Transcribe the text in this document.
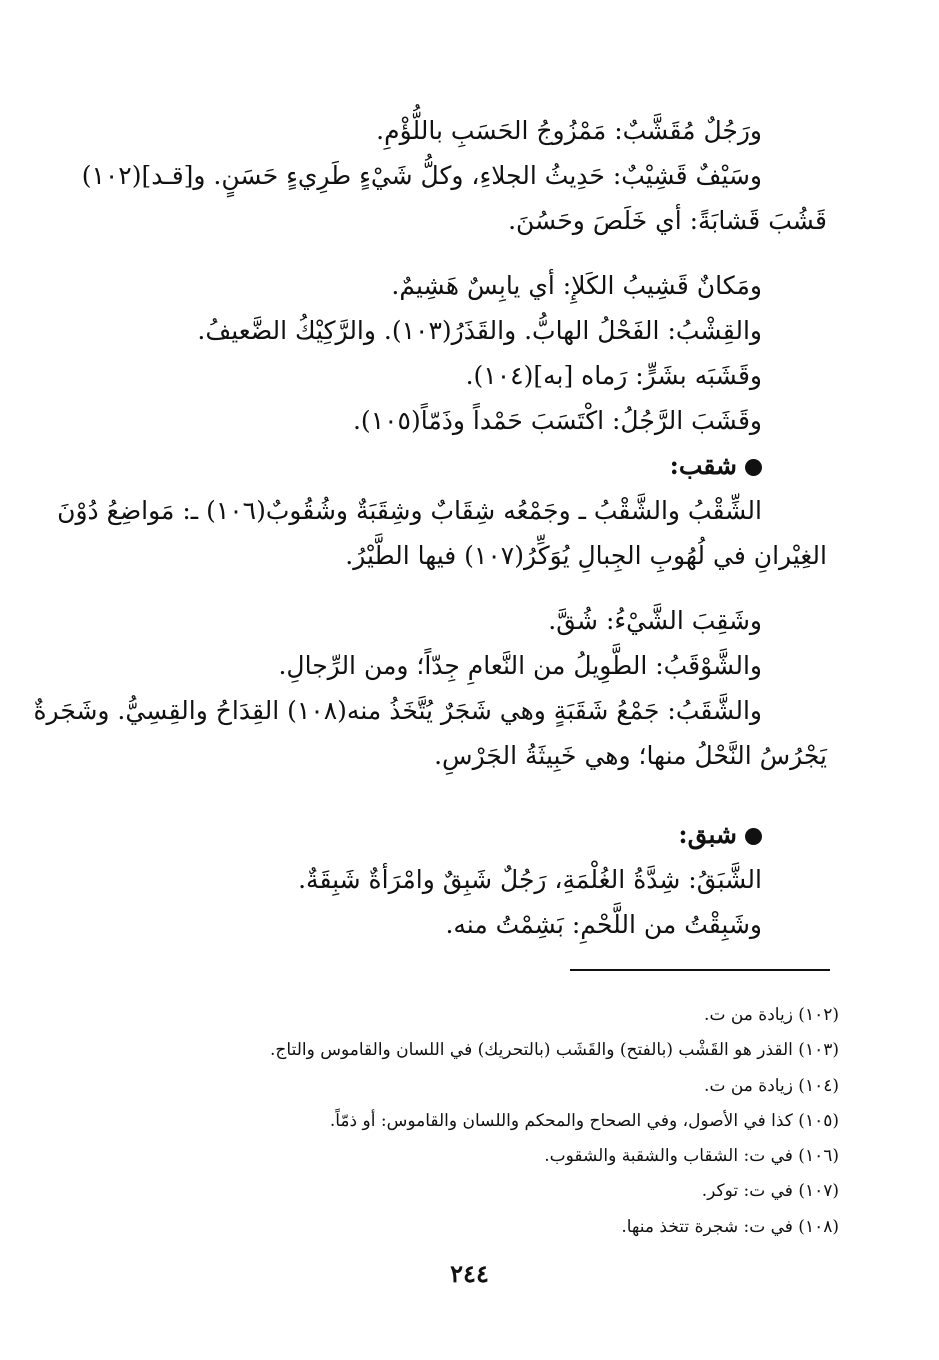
ورَجُلٌ مُقَشَّبٌ: مَمْزُوجُ الحَسَبِ باللُّؤْمِ.
وسَيْفٌ قَشِيْبٌ: حَدِيثُ الجلاءِ، وكلُّ شَيْءٍ طَرِيءٍ حَسَنٍ. و[قـد](١٠٢)
قَشُبَ قَشابَةً: أي خَلَصَ وحَسُنَ.
ومَكانٌ قَشِيبُ الكَلإِ: أي يابِسٌ هَشِيمٌ.
والقِشْبُ: الفَحْلُ الهابُّ. والقَذَرُ(١٠٣). والرَّكِيْكُ الضَّعيفُ.
وقَشَبَه بشَرٍّ: رَماه [به](١٠٤).
وقَشَبَ الرَّجُلُ: اكْتَسَبَ حَمْداً وذَمّاً(١٠٥).
شقب:
الشِّقْبُ والشَّقْبُ ـ وجَمْعُه شِقَابٌ وشِقَبَةٌ وشُقُوبٌ(١٠٦) ـ: مَواضِعُ دُوْنَ
الغِيْرانِ في لُهُوبِ الجِبالِ يُوَكِّرُ(١٠٧) فيها الطَّيْرُ.
وشَقِبَ الشَّيْءُ: شُقَّ.
والشَّوْقَبُ: الطَّوِيلُ من النَّعامِ جِدّاً؛ ومن الرِّجالِ.
والشَّقَبُ: جَمْعُ شَقَبَةٍ وهي شَجَرٌ يُتَّخَذُ منه(١٠٨) القِدَاحُ والقِسِيُّ. وشَجَرةٌ
يَجْرُسُ النَّحْلُ منها؛ وهي خَبِيثَةُ الجَرْسِ.
شبق:
الشَّبَقُ: شِدَّةُ الغُلْمَةِ، رَجُلٌ شَبِقٌ وامْرَأةٌ شَبِقَةٌ.
وشَبِقْتُ من اللَّحْمِ: بَشِمْتُ منه.
(١٠٢) زيادة من ت.
(١٠٣) القذر هو القَشْب (بالفتح) والقَشَب (بالتحريك) في اللسان والقاموس والتاج.
(١٠٤) زيادة من ت.
(١٠٥) كذا في الأصول، وفي الصحاح والمحكم واللسان والقاموس: أو ذمّاً.
(١٠٦) في ت: الشقاب والشقبة والشقوب.
(١٠٧) في ت: توكر.
(١٠٨) في ت: شجرة تتخذ منها.
٢٤٤
